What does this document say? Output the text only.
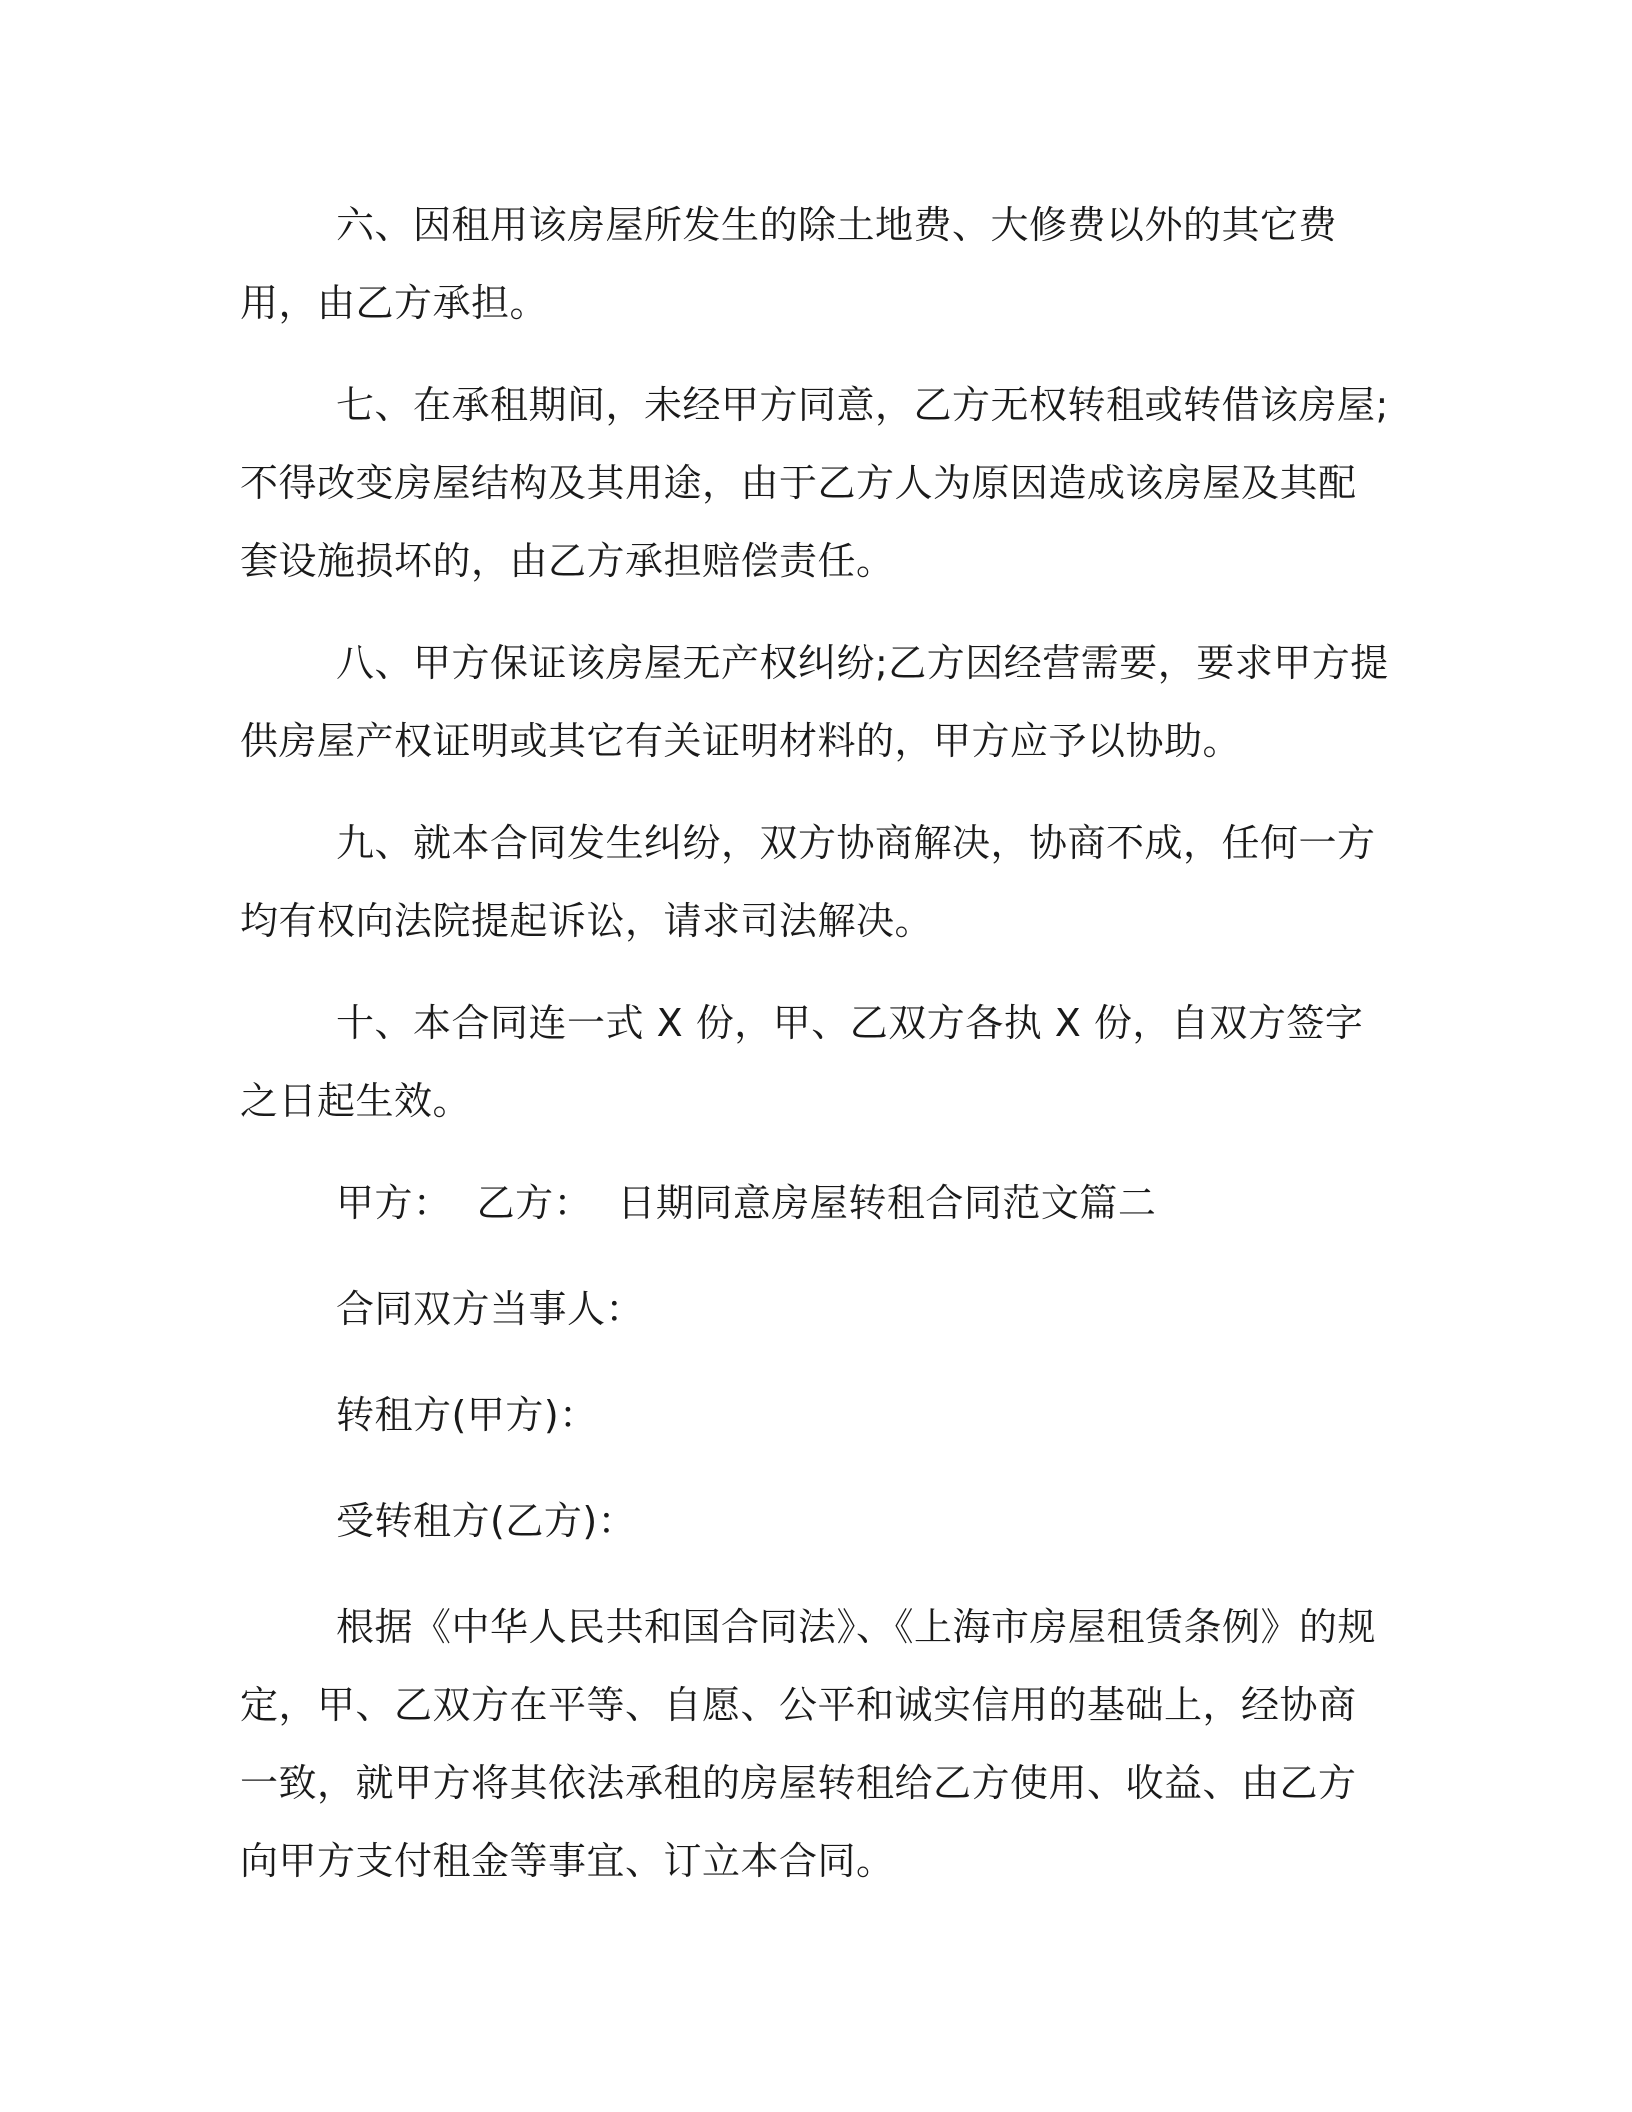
六、因租用该房屋所发生的除土地费、大修费以外的其它费用，由乙方承担。

七、在承租期间，未经甲方同意，乙方无权转租或转借该房屋;不得改变房屋结构及其用途，由于乙方人为原因造成该房屋及其配套设施损坏的，由乙方承担赔偿责任。

八、甲方保证该房屋无产权纠纷;乙方因经营需要，要求甲方提供房屋产权证明或其它有关证明材料的，甲方应予以协助。

九、就本合同发生纠纷，双方协商解决，协商不成，任何一方均有权向法院提起诉讼，请求司法解决。

十、本合同连一式 X 份，甲、乙双方各执 X 份，自双方签字之日起生效。

甲方：  乙方：  日期同意房屋转租合同范文篇二

合同双方当事人：

转租方(甲方)：

受转租方(乙方)：

根据《中华人民共和国合同法》、《上海市房屋租赁条例》的规定，甲、乙双方在平等、自愿、公平和诚实信用的基础上，经协商一致，就甲方将其依法承租的房屋转租给乙方使用、收益、由乙方向甲方支付租金等事宜、订立本合同。
